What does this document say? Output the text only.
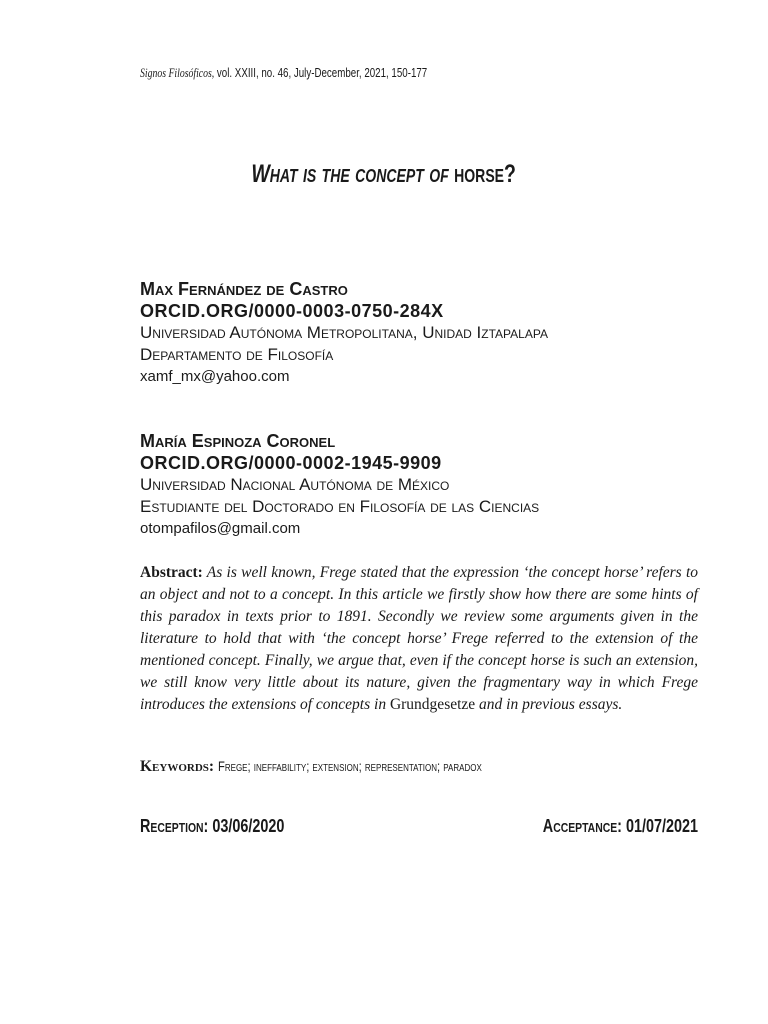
Signos Filosóficos, vol. XXIII, no. 46, July-December, 2021, 150-177
What is the concept of horse?
Max Fernández de Castro
ORCID.ORG/0000-0003-0750-284X
Universidad Autónoma Metropolitana, Unidad Iztapalapa
Departamento de Filosofía
xamf_mx@yahoo.com
María Espinoza Coronel
ORCID.ORG/0000-0002-1945-9909
Universidad Nacional Autónoma de México
Estudiante del Doctorado en Filosofía de las Ciencias
otompafilos@gmail.com
Abstract: As is well known, Frege stated that the expression ‘the concept horse’ refers to an object and not to a concept. In this article we firstly show how there are some hints of this paradox in texts prior to 1891. Secondly we review some arguments given in the literature to hold that with ‘the concept horse’ Frege referred to the extension of the mentioned concept. Finally, we argue that, even if the concept horse is such an extension, we still know very little about its nature, given the fragmentary way in which Frege introduces the extensions of concepts in Grundgesetze and in previous essays.
Keywords: Frege; ineffability; extension; representation; paradox
Reception: 03/06/2020	Acceptance: 01/07/2021
